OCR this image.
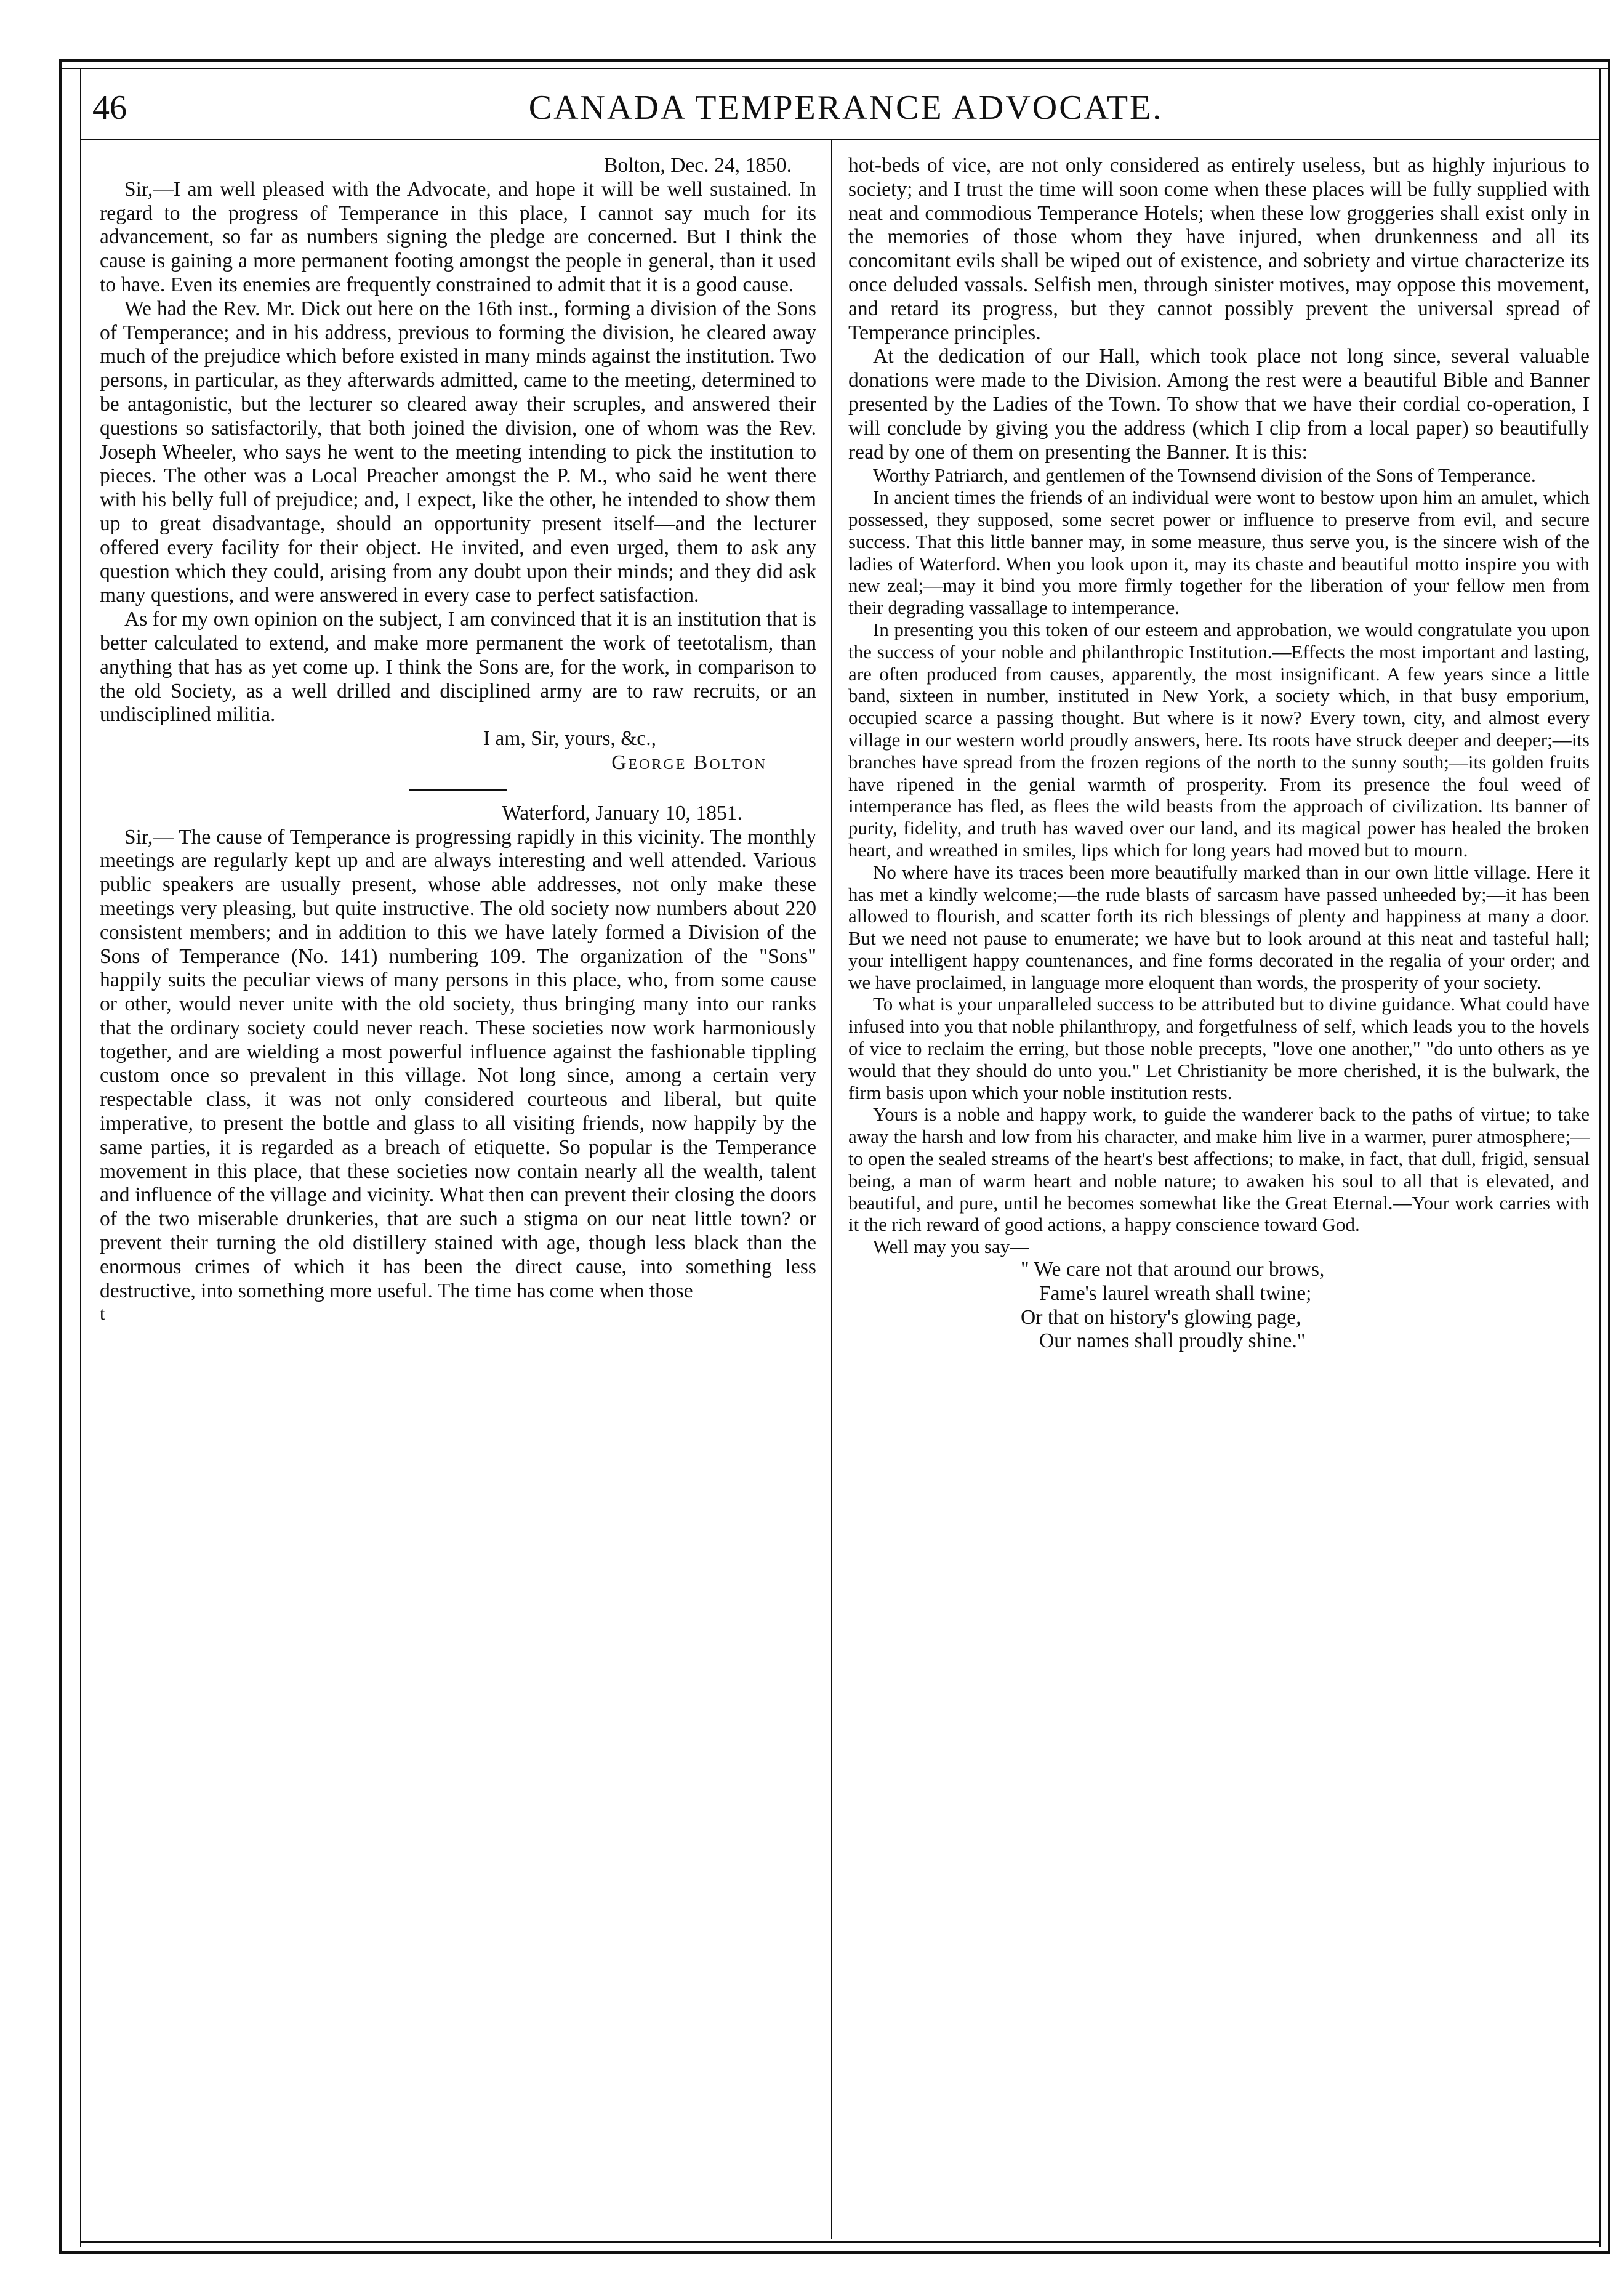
46	CANADA TEMPERANCE ADVOCATE.
Bolton, Dec. 24, 1850.

Sir,—I am well pleased with the Advocate, and hope it will be well sustained. In regard to the progress of Temperance in this place, I cannot say much for its advancement, so far as numbers signing the pledge are concerned. But I think the cause is gaining a more permanent footing amongst the people in general, than it used to have. Even its enemies are frequently constrained to admit that it is a good cause.

We had the Rev. Mr. Dick out here on the 16th inst., forming a division of the Sons of Temperance; and in his address, previous to forming the division, he cleared away much of the prejudice which before existed in many minds against the institution. Two persons, in particular, as they afterwards admitted, came to the meeting, determined to be antagonistic, but the lecturer so cleared away their scruples, and answered their questions so satisfactorily, that both joined the division, one of whom was the Rev. Joseph Wheeler, who says he went to the meeting intending to pick the institution to pieces. The other was a Local Preacher amongst the P. M., who said he went there with his belly full of prejudice; and, I expect, like the other, he intended to show them up to great disadvantage, should an opportunity present itself—and the lecturer offered every facility for their object. He invited, and even urged, them to ask any question which they could, arising from any doubt upon their minds; and they did ask many questions, and were answered in every case to perfect satisfaction.

As for my own opinion on the subject, I am convinced that it is an institution that is better calculated to extend, and make more permanent the work of teetotalism, than anything that has as yet come up. I think the Sons are, for the work, in comparison to the old Society, as a well drilled and disciplined army are to raw recruits, or an undisciplined militia.

I am, Sir, yours, &c.,
George Bolton
Waterford, January 10, 1851.

Sir,— The cause of Temperance is progressing rapidly in this vicinity. The monthly meetings are regularly kept up and are always interesting and well attended. Various public speakers are usually present, whose able addresses, not only make these meetings very pleasing, but quite instructive. The old society now numbers about 220 consistent members; and in addition to this we have lately formed a Division of the Sons of Temperance (No. 141) numbering 109. The organization of the "Sons" happily suits the peculiar views of many persons in this place, who, from some cause or other, would never unite with the old society, thus bringing many into our ranks that the ordinary society could never reach. These societies now work harmoniously together, and are wielding a most powerful influence against the fashionable tippling custom once so prevalent in this village. Not long since, among a certain very respectable class, it was not only considered courteous and liberal, but quite imperative, to present the bottle and glass to all visiting friends, now happily by the same parties, it is regarded as a breach of etiquette. So popular is the Temperance movement in this place, that these societies now contain nearly all the wealth, talent and influence of the village and vicinity. What then can prevent their closing the doors of the two miserable drunkeries, that are such a stigma on our neat little town? or prevent their turning the old distillery stained with age, though less black than the enormous crimes of which it has been the direct cause, into something less destructive, into something more useful. The time has come when those

t

hot-beds of vice, are not only considered as entirely useless, but as highly injurious to society; and I trust the time will soon come when these places will be fully supplied with neat and commodious Temperance Hotels; when these low groggeries shall exist only in the memories of those whom they have injured, when drunkenness and all its concomitant evils shall be wiped out of existence, and sobriety and virtue characterize its once deluded vassals. Selfish men, through sinister motives, may oppose this movement, and retard its progress, but they cannot possibly prevent the universal spread of Temperance principles.

At the dedication of our Hall, which took place not long since, several valuable donations were made to the Division. Among the rest were a beautiful Bible and Banner presented by the Ladies of the Town. To show that we have their cordial co-operation, I will conclude by giving you the address (which I clip from a local paper) so beautifully read by one of them on presenting the Banner. It is this:

Worthy Patriarch, and gentlemen of the Townsend division of the Sons of Temperance.

In ancient times the friends of an individual were wont to bestow upon him an amulet, which possessed, they supposed, some secret power or influence to preserve from evil, and secure success. That this little banner may, in some measure, thus serve you, is the sincere wish of the ladies of Waterford. When you look upon it, may its chaste and beautiful motto inspire you with new zeal;—may it bind you more firmly together for the liberation of your fellow men from their degrading vassallage to intemperance.

In presenting you this token of our esteem and approbation, we would congratulate you upon the success of your noble and philanthropic Institution.—Effects the most important and lasting, are often produced from causes, apparently, the most insignificant. A few years since a little band, sixteen in number, instituted in New York, a society which, in that busy emporium, occupied scarce a passing thought. But where is it now? Every town, city, and almost every village in our western world proudly answers, here. Its roots have struck deeper and deeper;—its branches have spread from the frozen regions of the north to the sunny south;—its golden fruits have ripened in the genial warmth of prosperity. From its presence the foul weed of intemperance has fled, as flees the wild beasts from the approach of civilization. Its banner of purity, fidelity, and truth has waved over our land, and its magical power has healed the broken heart, and wreathed in smiles, lips which for long years had moved but to mourn.

No where have its traces been more beautifully marked than in our own little village. Here it has met a kindly welcome;—the rude blasts of sarcasm have passed unheeded by;—it has been allowed to flourish, and scatter forth its rich blessings of plenty and happiness at many a door. But we need not pause to enumerate; we have but to look around at this neat and tasteful hall; your intelligent happy countenances, and fine forms decorated in the regalia of your order; and we have proclaimed, in language more eloquent than words, the prosperity of your society.

To what is your unparalleled success to be attributed but to divine guidance. What could have infused into you that noble philanthropy, and forgetfulness of self, which leads you to the hovels of vice to reclaim the erring, but those noble precepts, "love one another," "do unto others as ye would that they should do unto you." Let Christianity be more cherished, it is the bulwark, the firm basis upon which your noble institution rests.

Yours is a noble and happy work, to guide the wanderer back to the paths of virtue; to take away the harsh and low from his character, and make him live in a warmer, purer atmosphere;—to open the sealed streams of the heart's best affections; to make, in fact, that dull, frigid, sensual being, a man of warm heart and noble nature; to awaken his soul to all that is elevated, and beautiful, and pure, until he becomes somewhat like the Great Eternal.—Your work carries with it the rich reward of good actions, a happy conscience toward God.

Well may you say—

" We care not that around our brows,
Fame's laurel wreath shall twine;
Or that on history's glowing page,
Our names shall proudly shine."
